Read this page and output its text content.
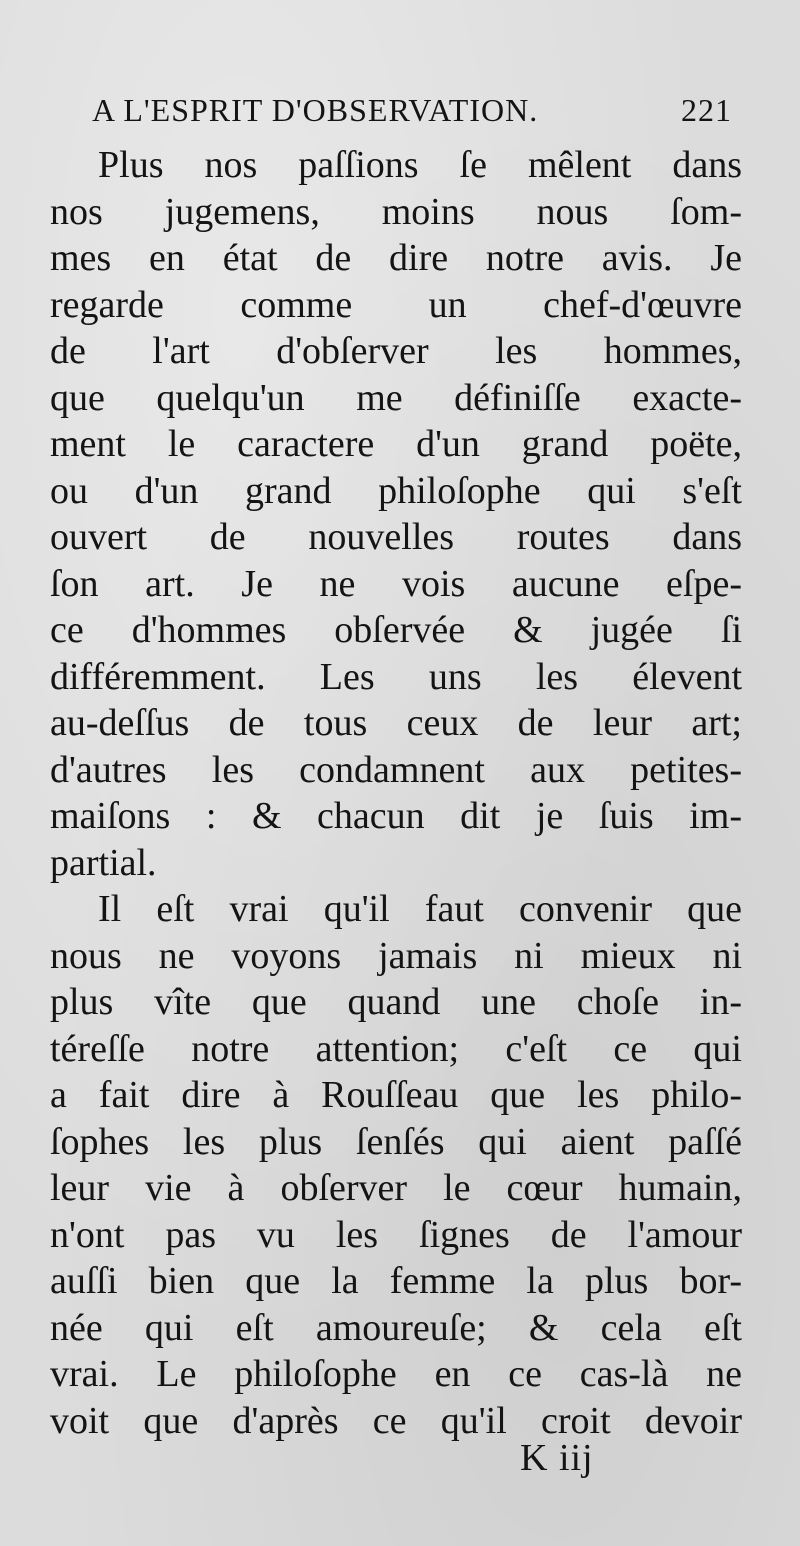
A L'ESPRIT D'OBSERVATION.	221
Plus nos paſſions ſe mêlent dans
nos jugemens, moins nous ſom-
mes en état de dire notre avis. Je
regarde comme un chef-d'œuvre
de l'art d'obſerver les hommes,
que quelqu'un me définiſſe exacte-
ment le caractere d'un grand poëte,
ou d'un grand philoſophe qui s'eſt
ouvert de nouvelles routes dans
ſon art. Je ne vois aucune eſpe-
ce d'hommes obſervée & jugée ſi
différemment. Les uns les élevent
au-deſſus de tous ceux de leur art;
d'autres les condamnent aux petites-
maiſons : & chacun dit je ſuis im-
partial.
Il eſt vrai qu'il faut convenir que
nous ne voyons jamais ni mieux ni
plus vîte que quand une choſe in-
téreſſe notre attention; c'eſt ce qui
a fait dire à Rouſſeau que les philo-
ſophes les plus ſenſés qui aient paſſé
leur vie à obſerver le cœur humain,
n'ont pas vu les ſignes de l'amour
auſſi bien que la femme la plus bor-
née qui eſt amoureuſe; & cela eſt
vrai. Le philoſophe en ce cas-là ne
voit que d'après ce qu'il croit devoir
K iij
